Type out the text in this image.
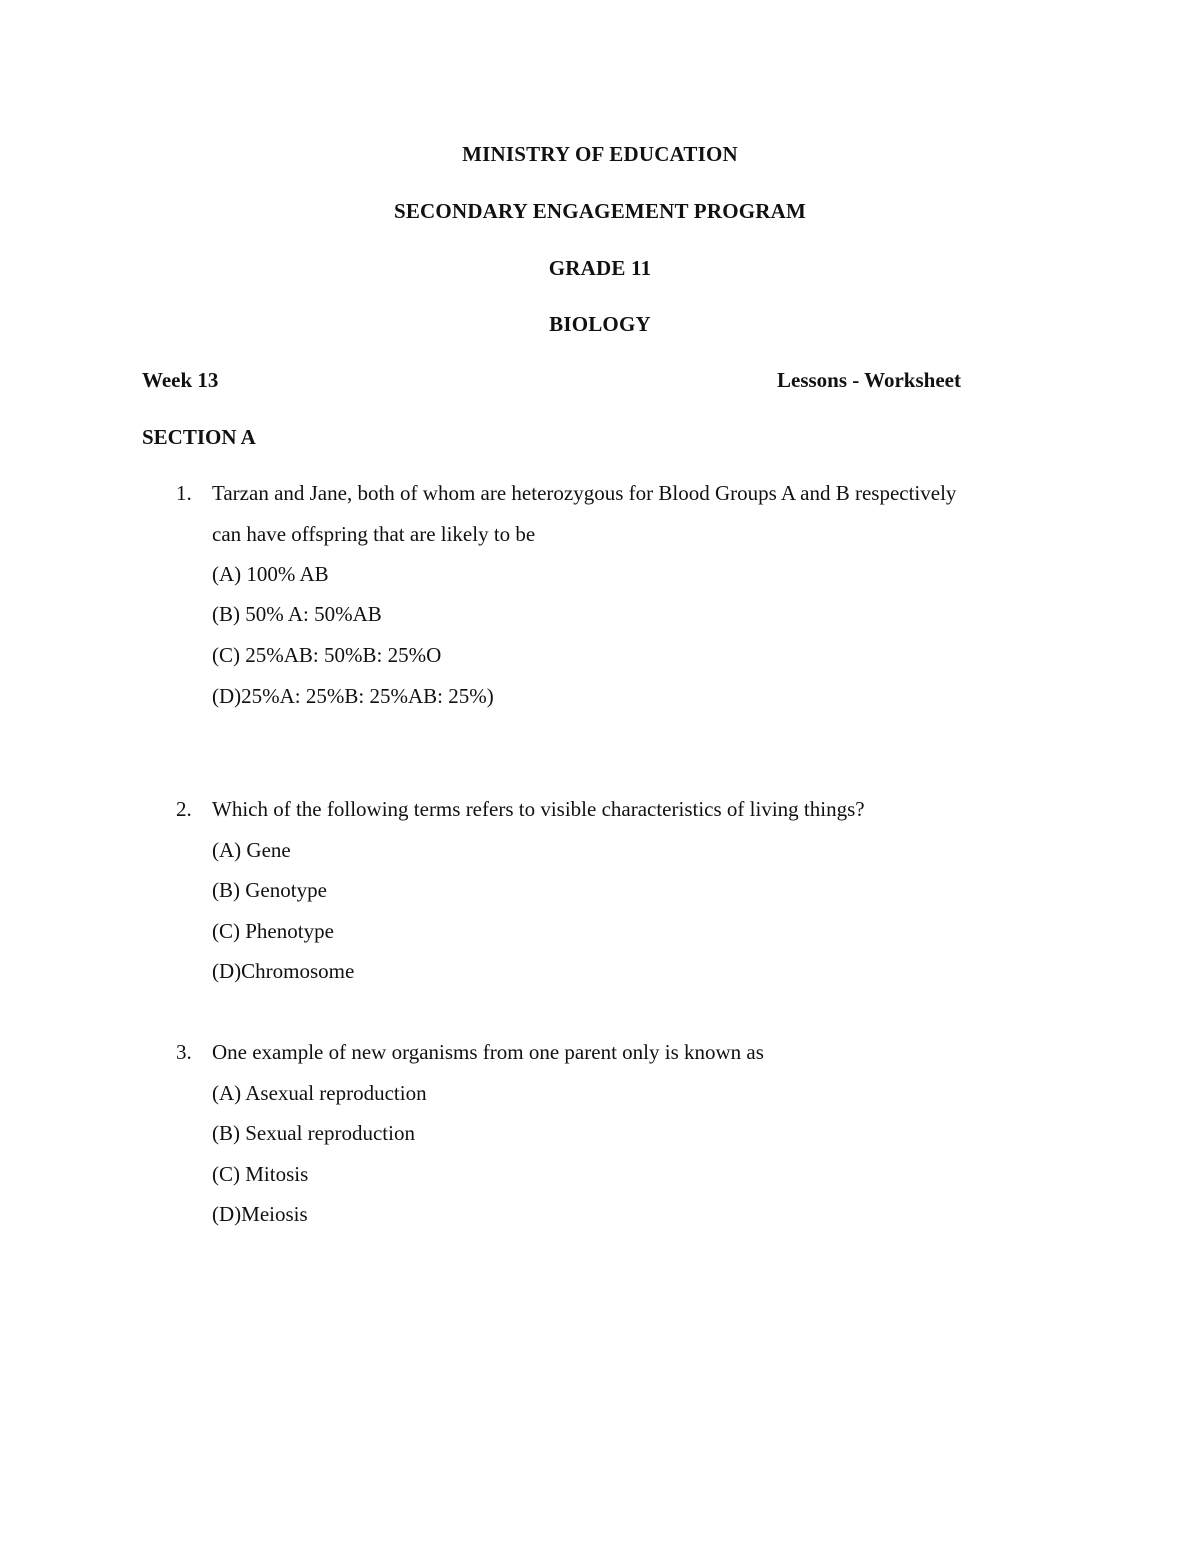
MINISTRY OF EDUCATION
SECONDARY ENGAGEMENT PROGRAM
GRADE 11
BIOLOGY
Week 13	Lessons - Worksheet
SECTION A
1. Tarzan and Jane, both of whom are heterozygous for Blood Groups A and B respectively
can have offspring that are likely to be
(A) 100% AB
(B) 50% A: 50%AB
(C) 25%AB: 50%B: 25%O
(D)25%A: 25%B: 25%AB: 25%)
2. Which of the following terms refers to visible characteristics of living things?
(A) Gene
(B) Genotype
(C) Phenotype
(D)Chromosome
3. One example of new organisms from one parent only is known as
(A) Asexual reproduction
(B) Sexual reproduction
(C) Mitosis
(D)Meiosis
